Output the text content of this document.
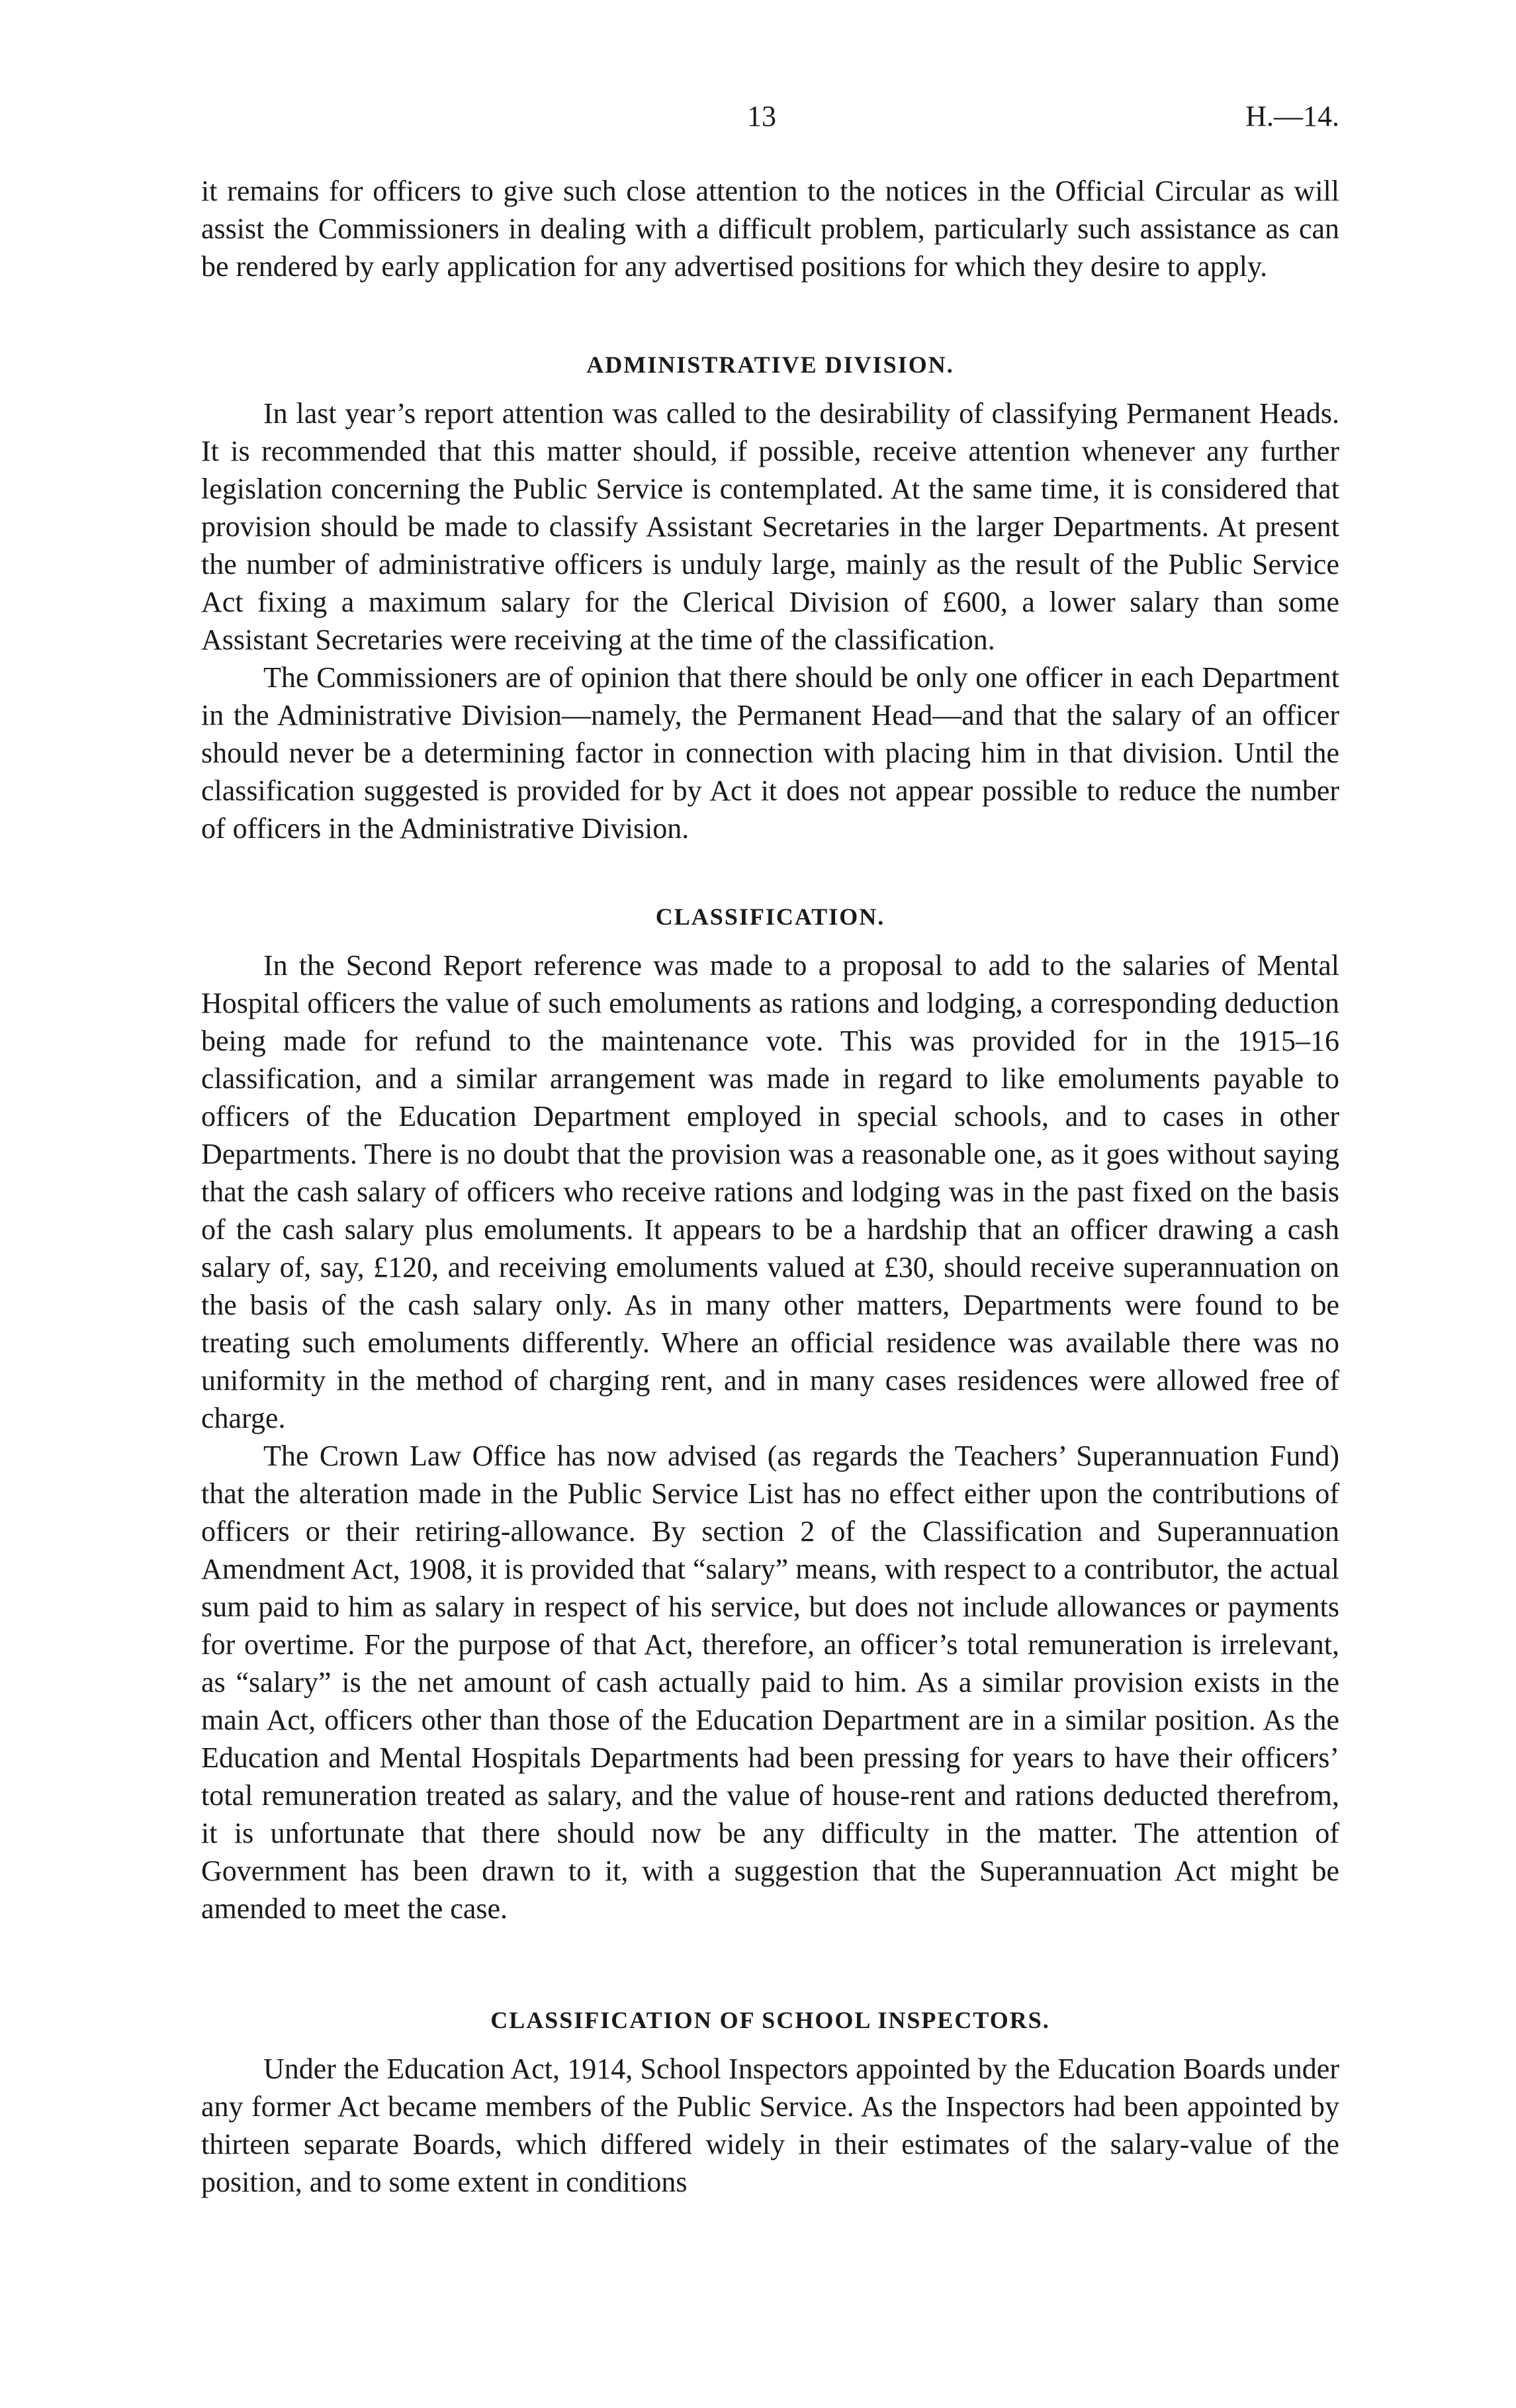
13	H.—14.

it remains for officers to give such close attention to the notices in the Official Circular as will assist the Commissioners in dealing with a difficult problem, particularly such assistance as can be rendered by early application for any advertised positions for which they desire to apply.

ADMINISTRATIVE DIVISION.

In last year’s report attention was called to the desirability of classifying Permanent Heads. It is recommended that this matter should, if possible, receive attention whenever any further legislation concerning the Public Service is contemplated. At the same time, it is considered that provision should be made to classify Assistant Secretaries in the larger Departments. At present the number of administrative officers is unduly large, mainly as the result of the Public Service Act fixing a maximum salary for the Clerical Division of £600, a lower salary than some Assistant Secretaries were receiving at the time of the classification.

The Commissioners are of opinion that there should be only one officer in each Department in the Administrative Division—namely, the Permanent Head—and that the salary of an officer should never be a determining factor in connection with placing him in that division. Until the classification suggested is provided for by Act it does not appear possible to reduce the number of officers in the Administrative Division.

CLASSIFICATION.

In the Second Report reference was made to a proposal to add to the salaries of Mental Hospital officers the value of such emoluments as rations and lodging, a corresponding deduction being made for refund to the maintenance vote. This was provided for in the 1915–16 classification, and a similar arrangement was made in regard to like emoluments payable to officers of the Education Department employed in special schools, and to cases in other Departments. There is no doubt that the provision was a reasonable one, as it goes without saying that the cash salary of officers who receive rations and lodging was in the past fixed on the basis of the cash salary plus emoluments. It appears to be a hardship that an officer drawing a cash salary of, say, £120, and receiving emoluments valued at £30, should receive superannuation on the basis of the cash salary only. As in many other matters, Departments were found to be treating such emoluments differently. Where an official residence was available there was no uniformity in the method of charging rent, and in many cases residences were allowed free of charge.

The Crown Law Office has now advised (as regards the Teachers’ Superannuation Fund) that the alteration made in the Public Service List has no effect either upon the contributions of officers or their retiring-allowance. By section 2 of the Classification and Superannuation Amendment Act, 1908, it is provided that “salary” means, with respect to a contributor, the actual sum paid to him as salary in respect of his service, but does not include allowances or payments for overtime. For the purpose of that Act, therefore, an officer’s total remuneration is irrelevant, as “salary” is the net amount of cash actually paid to him. As a similar provision exists in the main Act, officers other than those of the Education Department are in a similar position. As the Education and Mental Hospitals Departments had been pressing for years to have their officers’ total remuneration treated as salary, and the value of house-rent and rations deducted therefrom, it is unfortunate that there should now be any difficulty in the matter. The attention of Government has been drawn to it, with a suggestion that the Superannuation Act might be amended to meet the case.

CLASSIFICATION OF SCHOOL INSPECTORS.

Under the Education Act, 1914, School Inspectors appointed by the Education Boards under any former Act became members of the Public Service. As the Inspectors had been appointed by thirteen separate Boards, which differed widely in their estimates of the salary-value of the position, and to some extent in conditions
